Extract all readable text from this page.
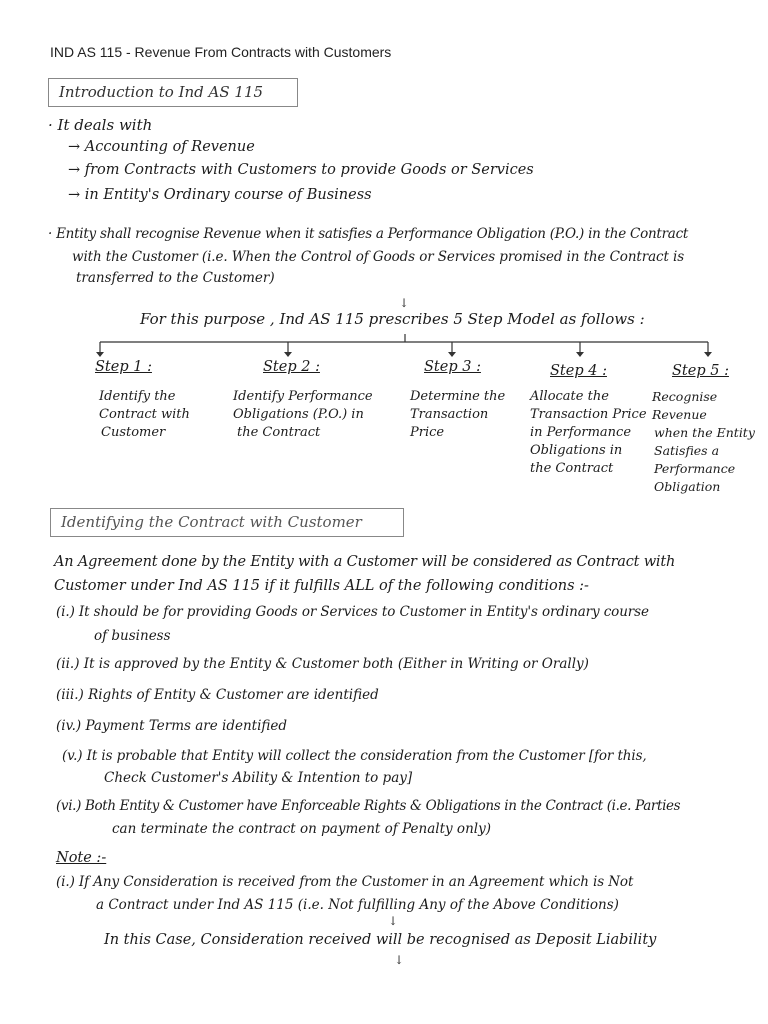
IND AS 115 - Revenue From Contracts with Customers
Introduction to Ind AS 115
· It deals with
→ Accounting of Revenue
→ from Contracts with Customers to provide Goods or Services
→ in Entity's Ordinary course of Business
· Entity shall recognise Revenue when it satisfies a Performance Obligation (P.O.) in the Contract
with the Customer (i.e. When the Control of Goods or Services promised in the Contract is
transferred to the Customer)
↓
For this purpose , Ind AS 115 prescribes 5 Step Model as follows :
Step 1 :
Identify the
Contract with
Customer
Step 2 :
Identify Performance
Obligations (P.O.) in
the Contract
Step 3 :
Determine the
Transaction
Price
Step 4 :
Allocate the
Transaction Price
in Performance
Obligations in
the Contract
Step 5 :
Recognise Revenue
when the Entity
Satisfies a
Performance
Obligation
Identifying the Contract with Customer
An Agreement done by the Entity with a Customer will be considered as Contract with
Customer under Ind AS 115 if it fulfills ALL of the following conditions :-
(i.) It should be for providing Goods or Services to Customer in Entity's ordinary course
of business
(ii.) It is approved by the Entity & Customer both (Either in Writing or Orally)
(iii.) Rights of Entity & Customer are identified
(iv.) Payment Terms are identified
(v.) It is probable that Entity will collect the consideration from the Customer [for this,
Check Customer's Ability & Intention to pay]
(vi.) Both Entity & Customer have Enforceable Rights & Obligations in the Contract (i.e. Parties
can terminate the contract on payment of Penalty only)
Note :-
(i.) If Any Consideration is received from the Customer in an Agreement which is Not
a Contract under Ind AS 115 (i.e. Not fulfilling Any of the Above Conditions)
↓
In this Case, Consideration received will be recognised as Deposit Liability
↓
